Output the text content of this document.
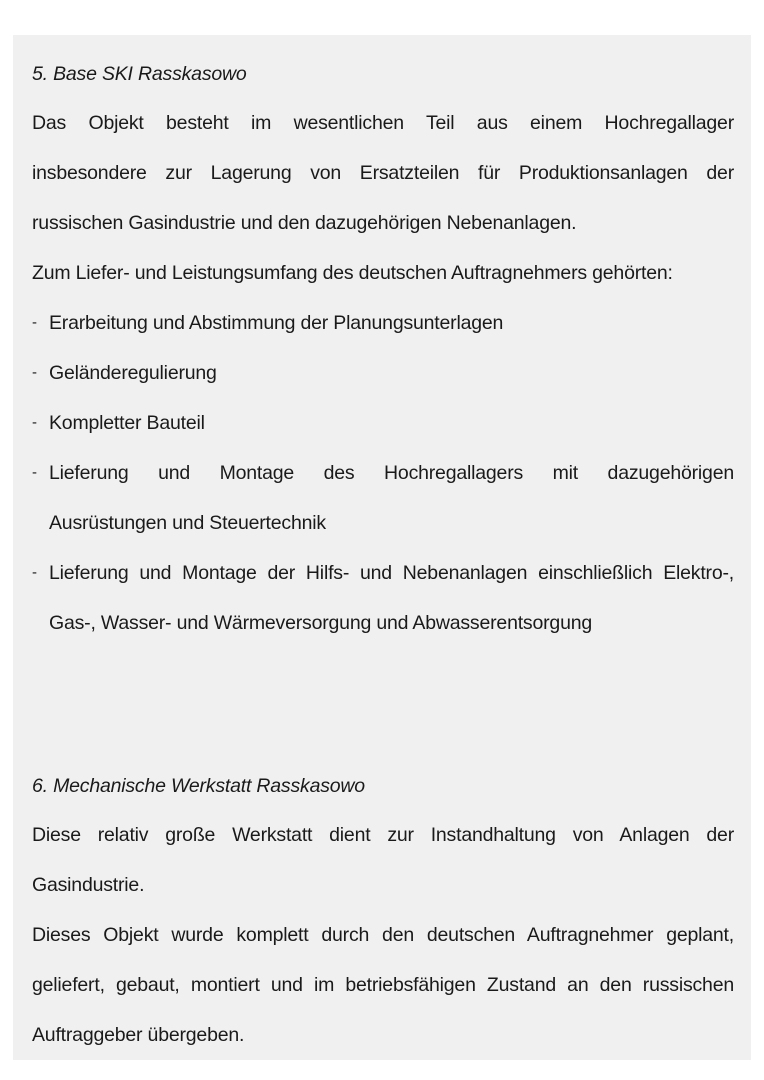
5. Base SKI Rasskasowo

Das Objekt besteht im wesentlichen Teil aus einem Hochregallager
insbesondere zur Lagerung von Ersatzteilen für Produktionsanlagen der
russischen Gasindustrie und den dazugehörigen Nebenanlagen.
Zum Liefer- und Leistungsumfang des deutschen Auftragnehmers gehörten:
- Erarbeitung und Abstimmung der Planungsunterlagen
- Geländeregulierung
- Kompletter Bauteil
- Lieferung und Montage des Hochregallagers mit dazugehörigen
Ausrüstungen und Steuertechnik
- Lieferung und Montage der Hilfs- und Nebenanlagen einschließlich Elektro-,
Gas-, Wasser- und Wärmeversorgung und Abwasserentsorgung

6. Mechanische Werkstatt Rasskasowo

Diese relativ große Werkstatt dient zur Instandhaltung von Anlagen der
Gasindustrie.
Dieses Objekt wurde komplett durch den deutschen Auftragnehmer geplant,
geliefert, gebaut, montiert und im betriebsfähigen Zustand an den russischen
Auftraggeber übergeben.
